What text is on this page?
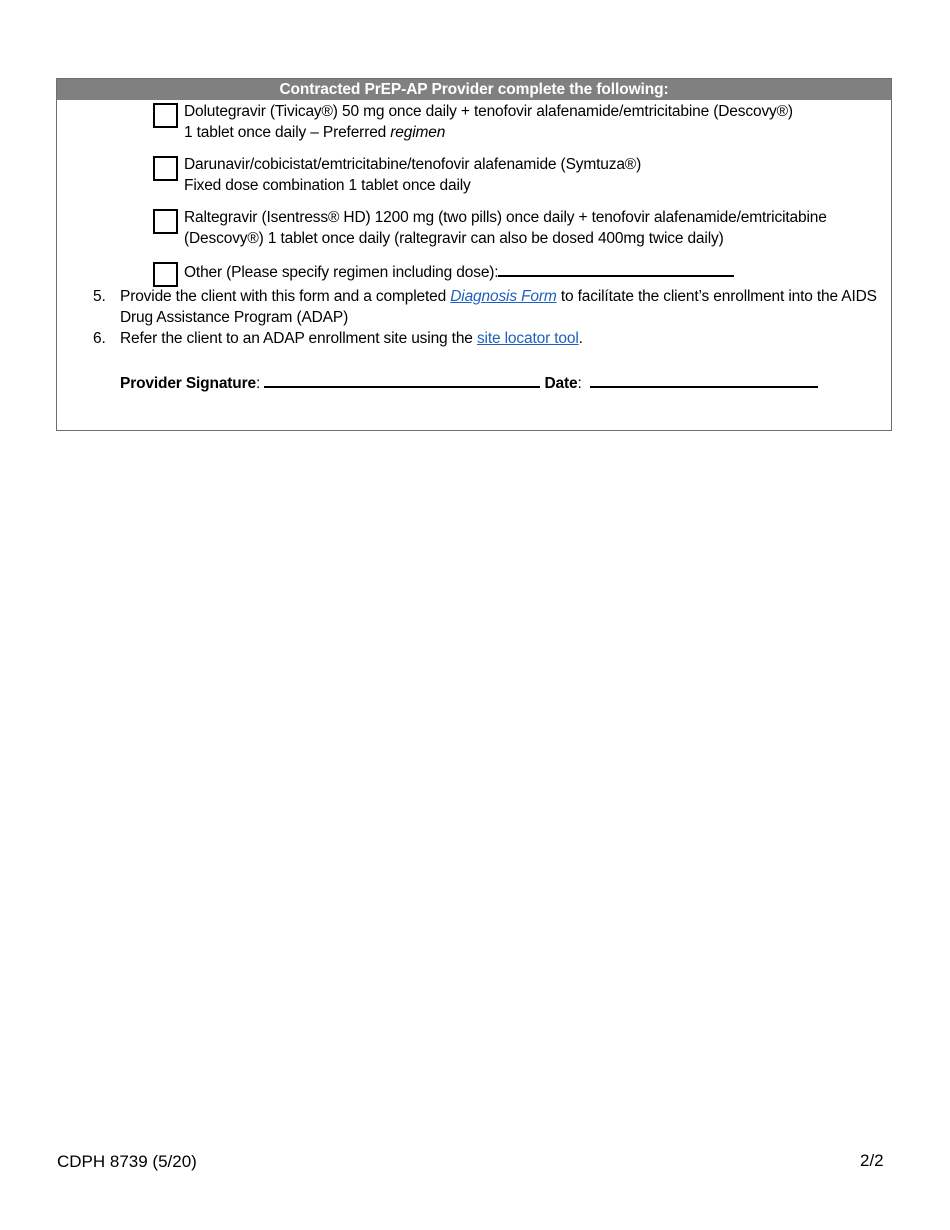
Contracted PrEP-AP Provider complete the following:
Dolutegravir (Tivicay®) 50 mg once daily + tenofovir alafenamide/emtricitabine (Descovy®)
1 tablet once daily – Preferred regimen
Darunavir/cobicistat/emtricitabine/tenofovir alafenamide (Symtuza®)
Fixed dose combination 1 tablet once daily
Raltegravir (Isentress® HD) 1200 mg (two pills) once daily + tenofovir alafenamide/emtricitabine
(Descovy®) 1 tablet once daily (raltegravir can also be dosed 400mg twice daily)
Other (Please specify regimen including dose):
5. Provide the client with this form and a completed Diagnosis Form to facilítate the client’s enrollment into the AIDS
Drug Assistance Program (ADAP)
6. Refer the client to an ADAP enrollment site using the site locator tool.
Provider Signature:	Date:
CDPH 8739 (5/20)	2/2
